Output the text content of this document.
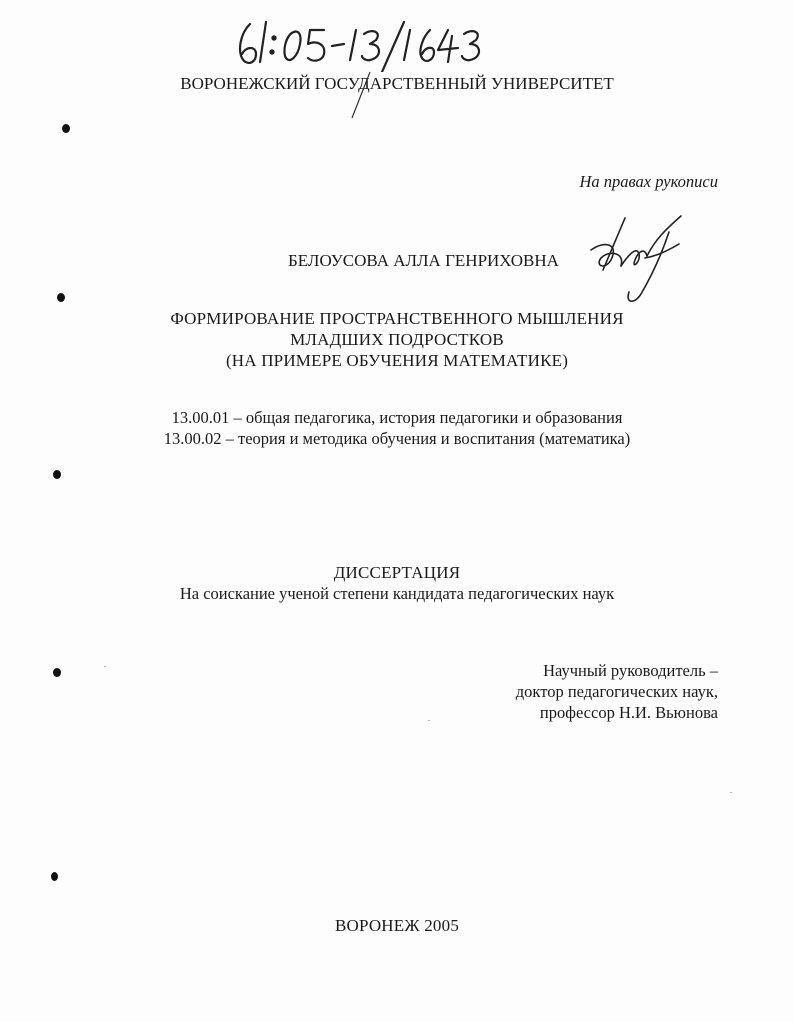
ВОРОНЕЖСКИЙ ГОСУДАРСТВЕННЫЙ УНИВЕРСИТЕТ
На правах рукописи
БЕЛОУСОВА АЛЛА ГЕНРИХОВНА
ФОРМИРОВАНИЕ ПРОСТРАНСТВЕННОГО МЫШЛЕНИЯ
МЛАДШИХ ПОДРОСТКОВ
(НА ПРИМЕРЕ ОБУЧЕНИЯ МАТЕМАТИКЕ)
13.00.01 – общая педагогика, история педагогики и образования
13.00.02 – теория и методика обучения и воспитания (математика)
ДИССЕРТАЦИЯ
На соискание ученой степени кандидата педагогических наук
Научный руководитель –
доктор педагогических наук,
профессор Н.И. Вьюнова
ВОРОНЕЖ 2005
